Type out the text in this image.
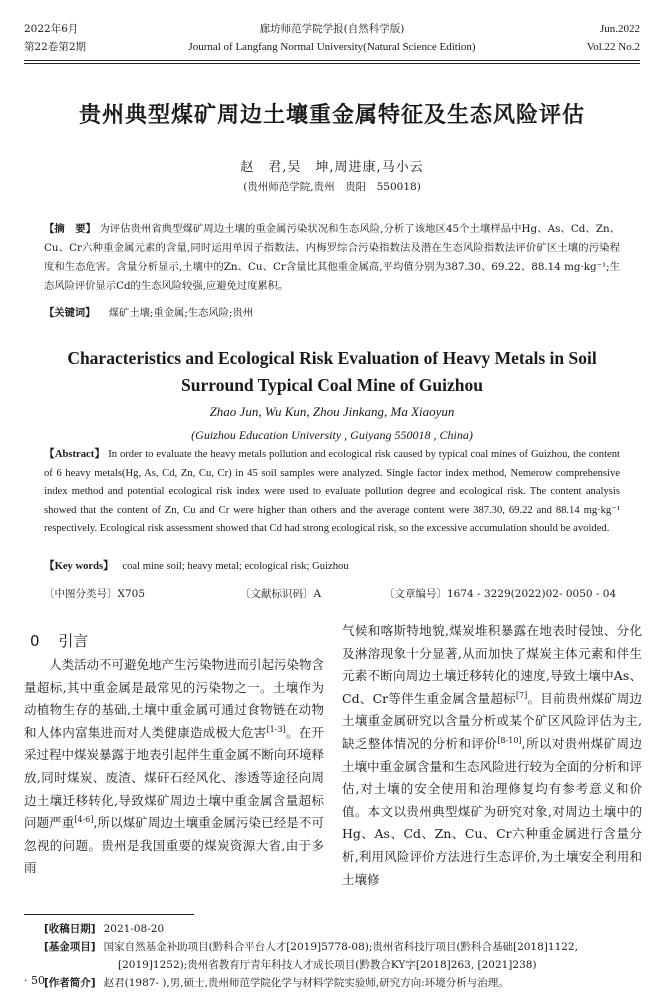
2022年6月
第22卷第2期
廊坊师范学院学报(自然科学版)
Journal of Langfang Normal University(Natural Science Edition)
Jun.2022
Vol.22 No.2
贵州典型煤矿周边土壤重金属特征及生态风险评估
赵　君,吴　坤,周进康,马小云
(贵州师范学院,贵州　贵阳　550018)
【摘　要】 为评估贵州省典型煤矿周边土壤的重金属污染状况和生态风险,分析了该地区45个土壤样品中Hg、As、Cd、Zn、Cu、Cr六种重金属元素的含量,同时运用单因子指数法、内梅罗综合污染指数法及潜在生态风险指数法评价矿区土壤的污染程度和生态危害。含量分析显示,土壤中的Zn、Cu、Cr含量比其他重金属高,平均值分别为387.30、69.22、88.14 mg·kg⁻¹;生态风险评价显示Cd的生态风险较强,应避免过度累积。
【关键词】 煤矿土壤;重金属;生态风险;贵州
Characteristics and Ecological Risk Evaluation of Heavy Metals in Soil
Surround Typical Coal Mine of Guizhou
Zhao Jun, Wu Kun, Zhou Jinkang, Ma Xiaoyun
(Guizhou Education University , Guiyang 550018 , China)
【Abstract】 In order to evaluate the heavy metals pollution and ecological risk caused by typical coal mines of Guizhou, the content of 6 heavy metals(Hg, As, Cd, Zn, Cu, Cr) in 45 soil samples were analyzed. Single factor index method, Nemerow comprehensive index method and potential ecological risk index were used to evaluate pollution degree and ecological risk. The content analysis showed that the content of Zn, Cu and Cr were higher than others and the average content were 387.30, 69.22 and 88.14 mg·kg⁻¹ respectively. Ecological risk assessment showed that Cd had strong ecological risk, so the excessive accumulation should be avoided.
【Key words】 coal mine soil; heavy metal; ecological risk; Guizhou
〔中图分类号〕X705	〔文献标识码〕A	〔文章编号〕1674 - 3229(2022)02- 0050 - 04
0 引言

人类活动不可避免地产生污染物进而引起污染物含量超标,其中重金属是最常见的污染物之一。土壤作为动植物生存的基础,土壤中重金属可通过食物链在动物和人体内富集进而对人类健康造成极大危害[1-3]。在开采过程中煤炭暴露于地表引起伴生重金属不断向环境释放,同时煤炭、废渣、煤矸石经风化、渗透等途径向周边土壤迁移转化,导致煤矿周边土壤中重金属含量超标问题严重[4-6],所以煤矿周边土壤重金属污染已经是不可忽视的问题。贵州是我国重要的煤炭资源大省,由于多雨

气候和喀斯特地貌,煤炭堆积暴露在地表时侵蚀、分化及淋溶现象十分显著,从而加快了煤炭主体元素和伴生元素不断向周边土壤迁移转化的速度,导致土壤中As、Cd、Cr等伴生重金属含量超标[7]。目前贵州煤矿周边土壤重金属研究以含量分析或某个矿区风险评估为主,缺乏整体情况的分析和评价[8-10],所以对贵州煤矿周边土壤中重金属含量和生态风险进行较为全面的分析和评估,对土壤的安全使用和治理修复均有参考意义和价值。本文以贵州典型煤矿为研究对象,对周边土壤中的Hg、As、Cd、Zn、Cu、Cr六种重金属进行含量分析,利用风险评价方法进行生态评价,为土壤安全利用和土壤修

[收稿日期] 2021-08-20
[基金项目] 国家自然基金补助项目(黔科合平台人才[2019]5778-08);贵州省科技厅项目(黔科合基础[2018]1122,
[2019]1252);贵州省教育厅青年科技人才成长项目(黔教合KY字[2018]263, [2021]238)
[作者简介] 赵君(1987- ),男,硕士,贵州师范学院化学与材料学院实验师,研究方向:环境分析与治理。
· 50 ·
